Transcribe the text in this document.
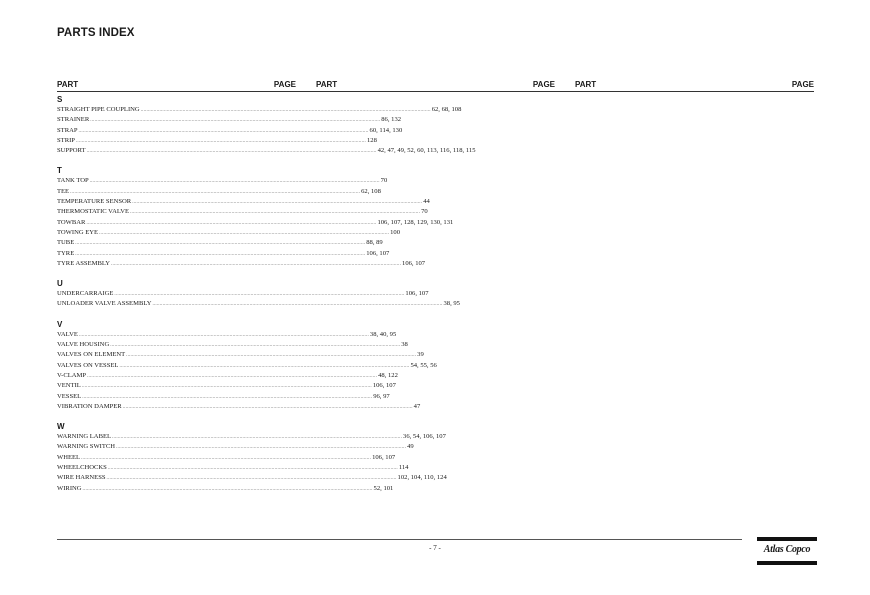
PARTS INDEX
PART	PAGE	PART	PAGE	PART	PAGE
S
STRAIGHT PIPE COUPLING ........................................................................................................................................................................................................ 62, 68, 108
STRAINER ........................................................................................................................................................................................................ 86, 132
STRAP ........................................................................................................................................................................................................ 60, 114, 130
STRIP ........................................................................................................................................................................................................ 128
SUPPORT ........................................................................................................................................................................................................ 42, 47, 49, 52, 60, 113, 116, 118, 115
T
TANK TOP ........................................................................................................................................................................................................ 70
TEE ........................................................................................................................................................................................................ 62, 108
TEMPERATURE SENSOR ........................................................................................................................................................................................................ 44
THERMOSTATIC VALVE ........................................................................................................................................................................................................ 70
TOWBAR ........................................................................................................................................................................................................ 106, 107, 128, 129, 130, 131
TOWING EYE ........................................................................................................................................................................................................ 100
TUBE ........................................................................................................................................................................................................ 88, 89
TYRE ........................................................................................................................................................................................................ 106, 107
TYRE ASSEMBLY ........................................................................................................................................................................................................ 106, 107
U
UNDERCARRAIGE ........................................................................................................................................................................................................ 106, 107
UNLOADER VALVE ASSEMBLY ........................................................................................................................................................................................................ 38, 95
V
VALVE ........................................................................................................................................................................................................ 38, 40, 95
VALVE HOUSING ........................................................................................................................................................................................................ 38
VALVES ON ELEMENT ........................................................................................................................................................................................................ 39
VALVES ON VESSEL ........................................................................................................................................................................................................ 54, 55, 56
V-CLAMP ........................................................................................................................................................................................................ 48, 122
VENTIL ........................................................................................................................................................................................................ 106, 107
VESSEL ........................................................................................................................................................................................................ 96, 97
VIBRATION DAMPER ........................................................................................................................................................................................................ 47
W
WARNING LABEL ........................................................................................................................................................................................................ 36, 54, 106, 107
WARNING SWITCH ........................................................................................................................................................................................................ 49
WHEEL ........................................................................................................................................................................................................ 106, 107
WHEELCHOCKS ........................................................................................................................................................................................................ 114
WIRE HARNESS ........................................................................................................................................................................................................ 102, 104, 110, 124
WIRING ........................................................................................................................................................................................................ 52, 101
- 7 -	Atlas Copco
